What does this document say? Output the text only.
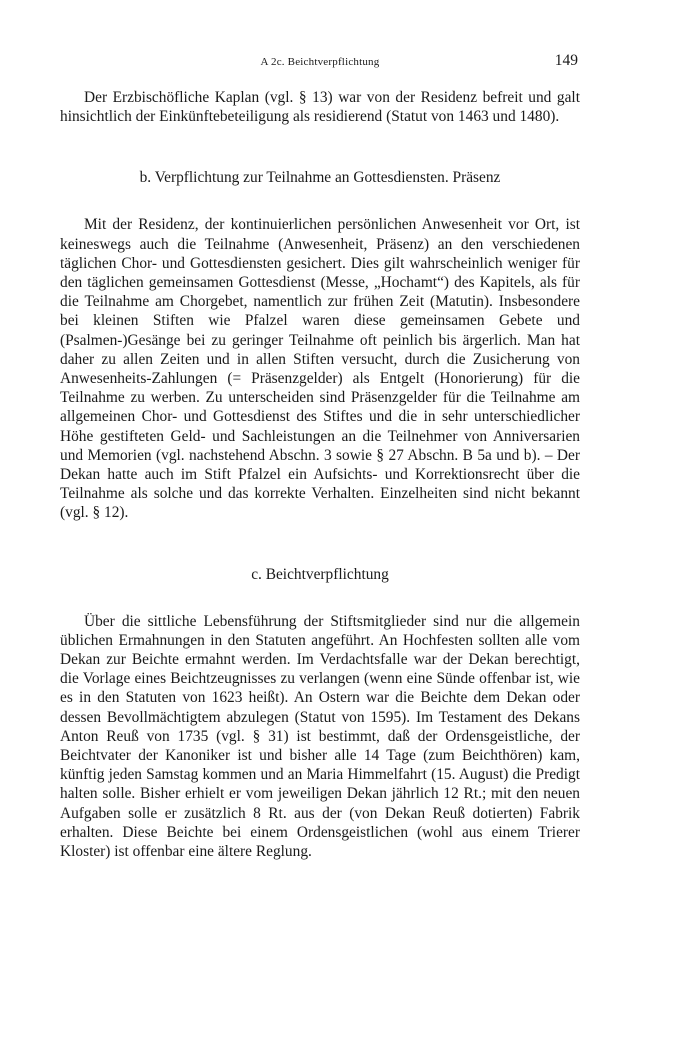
A 2c. Beichtverpflichtung	149

Der Erzbischöfliche Kaplan (vgl. § 13) war von der Residenz befreit und galt hinsichtlich der Einkünftebeteiligung als residierend (Statut von 1463 und 1480).

b. Verpflichtung zur Teilnahme an Gottesdiensten. Präsenz

Mit der Residenz, der kontinuierlichen persönlichen Anwesenheit vor Ort, ist keineswegs auch die Teilnahme (Anwesenheit, Präsenz) an den verschiedenen täglichen Chor- und Gottesdiensten gesichert. Dies gilt wahrscheinlich weniger für den täglichen gemeinsamen Gottesdienst (Messe, „Hochamt“) des Kapitels, als für die Teilnahme am Chorgebet, namentlich zur frühen Zeit (Matutin). Insbesondere bei kleinen Stiften wie Pfalzel waren diese gemeinsamen Gebete und (Psalmen-)Gesänge bei zu geringer Teilnahme oft peinlich bis ärgerlich. Man hat daher zu allen Zeiten und in allen Stiften versucht, durch die Zusicherung von Anwesenheits-Zahlungen (= Präsenzgelder) als Entgelt (Honorierung) für die Teilnahme zu werben. Zu unterscheiden sind Präsenzgelder für die Teilnahme am allgemeinen Chor- und Gottesdienst des Stiftes und die in sehr unterschiedlicher Höhe gestifteten Geld- und Sachleistungen an die Teilnehmer von Anniversarien und Memorien (vgl. nachstehend Abschn. 3 sowie § 27 Abschn. B 5a und b). – Der Dekan hatte auch im Stift Pfalzel ein Aufsichts- und Korrektionsrecht über die Teilnahme als solche und das korrekte Verhalten. Einzelheiten sind nicht bekannt (vgl. § 12).

c. Beichtverpflichtung

Über die sittliche Lebensführung der Stiftsmitglieder sind nur die allgemein üblichen Ermahnungen in den Statuten angeführt. An Hochfesten sollten alle vom Dekan zur Beichte ermahnt werden. Im Verdachtsfalle war der Dekan berechtigt, die Vorlage eines Beichtzeugnisses zu verlangen (wenn eine Sünde offenbar ist, wie es in den Statuten von 1623 heißt). An Ostern war die Beichte dem Dekan oder dessen Bevollmächtigtem abzulegen (Statut von 1595). Im Testament des Dekans Anton Reuß von 1735 (vgl. § 31) ist bestimmt, daß der Ordensgeistliche, der Beichtvater der Kanoniker ist und bisher alle 14 Tage (zum Beichthören) kam, künftig jeden Samstag kommen und an Maria Himmelfahrt (15. August) die Predigt halten solle. Bisher erhielt er vom jeweiligen Dekan jährlich 12 Rt.; mit den neuen Aufgaben solle er zusätzlich 8 Rt. aus der (von Dekan Reuß dotierten) Fabrik erhalten. Diese Beichte bei einem Ordensgeistlichen (wohl aus einem Trierer Kloster) ist offenbar eine ältere Reglung.
